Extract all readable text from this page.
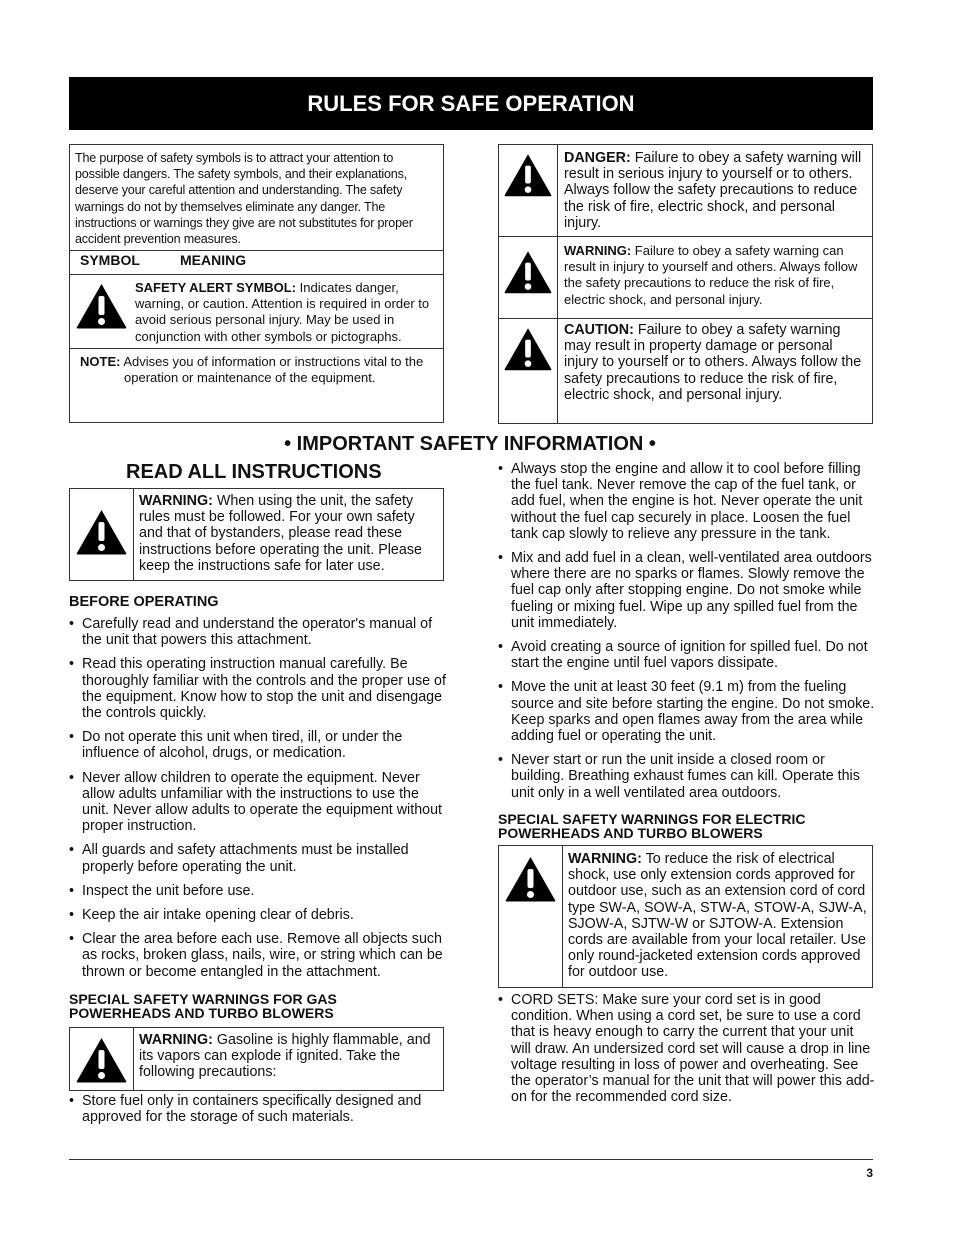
RULES FOR SAFE OPERATION
The purpose of safety symbols is to attract your attention to possible dangers. The safety symbols, and their explanations, deserve your careful attention and understanding. The safety warnings do not by themselves eliminate any danger. The instructions or warnings they give are not substitutes for proper accident prevention measures.
SYMBOL	MEANING
SAFETY ALERT SYMBOL: Indicates danger, warning, or caution. Attention is required in order to avoid serious personal injury. May be used in conjunction with other symbols or pictographs.
NOTE: Advises you of information or instructions vital to the operation or maintenance of the equipment.
DANGER: Failure to obey a safety warning will result in serious injury to yourself or to others. Always follow the safety precautions to reduce the risk of fire, electric shock, and personal injury.
WARNING: Failure to obey a safety warning can result in injury to yourself and others. Always follow the safety precautions to reduce the risk of fire, electric shock, and personal injury.
CAUTION: Failure to obey a safety warning may result in property damage or personal injury to yourself or to others. Always follow the safety precautions to reduce the risk of fire, electric shock, and personal injury.
• IMPORTANT SAFETY INFORMATION •
READ ALL INSTRUCTIONS
WARNING: When using the unit, the safety rules must be followed. For your own safety and that of bystanders, please read these instructions before operating the unit. Please keep the instructions safe for later use.
BEFORE OPERATING
• Carefully read and understand the operator's manual of the unit that powers this attachment.
• Read this operating instruction manual carefully. Be thoroughly familiar with the controls and the proper use of the equipment. Know how to stop the unit and disengage the controls quickly.
• Do not operate this unit when tired, ill, or under the influence of alcohol, drugs, or medication.
• Never allow children to operate the equipment. Never allow adults unfamiliar with the instructions to use the unit. Never allow adults to operate the equipment without proper instruction.
• All guards and safety attachments must be installed properly before operating the unit.
• Inspect the unit before use.
• Keep the air intake opening clear of debris.
• Clear the area before each use. Remove all objects such as rocks, broken glass, nails, wire, or string which can be thrown or become entangled in the attachment.
SPECIAL SAFETY WARNINGS FOR GAS POWERHEADS AND TURBO BLOWERS
WARNING: Gasoline is highly flammable, and its vapors can explode if ignited. Take the following precautions:
• Store fuel only in containers specifically designed and approved for the storage of such materials.
• Always stop the engine and allow it to cool before filling the fuel tank. Never remove the cap of the fuel tank, or add fuel, when the engine is hot. Never operate the unit without the fuel cap securely in place. Loosen the fuel tank cap slowly to relieve any pressure in the tank.
• Mix and add fuel in a clean, well-ventilated area outdoors where there are no sparks or flames. Slowly remove the fuel cap only after stopping engine. Do not smoke while fueling or mixing fuel. Wipe up any spilled fuel from the unit immediately.
• Avoid creating a source of ignition for spilled fuel. Do not start the engine until fuel vapors dissipate.
• Move the unit at least 30 feet (9.1 m) from the fueling source and site before starting the engine. Do not smoke. Keep sparks and open flames away from the area while adding fuel or operating the unit.
• Never start or run the unit inside a closed room or building. Breathing exhaust fumes can kill. Operate this unit only in a well ventilated area outdoors.
SPECIAL SAFETY WARNINGS FOR ELECTRIC POWERHEADS AND TURBO BLOWERS
WARNING: To reduce the risk of electrical shock, use only extension cords approved for outdoor use, such as an extension cord of cord type SW-A, SOW-A, STW-A, STOW-A, SJW-A, SJOW-A, SJTW-W or SJTOW-A. Extension cords are available from your local retailer. Use only round-jacketed extension cords approved for outdoor use.
• CORD SETS: Make sure your cord set is in good condition. When using a cord set, be sure to use a cord that is heavy enough to carry the current that your unit will draw. An undersized cord set will cause a drop in line voltage resulting in loss of power and overheating. See the operator’s manual for the unit that will power this add-on for the recommended cord size.
3
